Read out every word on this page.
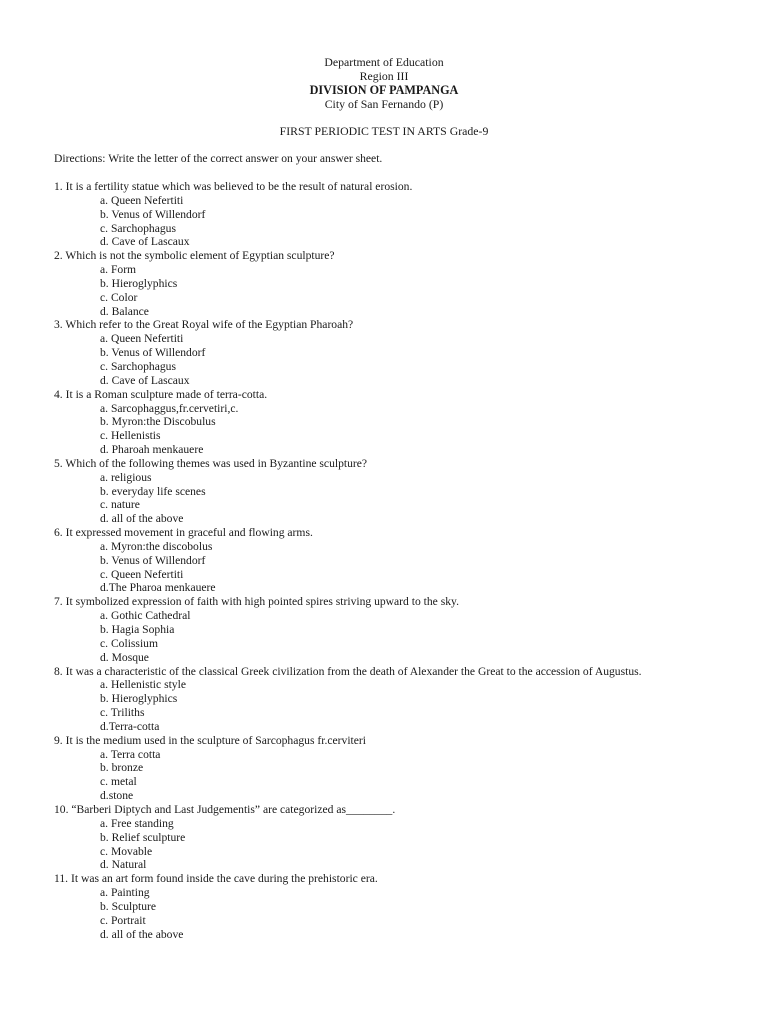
Department of Education
Region III
DIVISION OF PAMPANGA
City of San Fernando (P)
FIRST PERIODIC TEST IN ARTS Grade-9
Directions: Write the letter of the correct answer on your answer sheet.
1. It is a fertility statue which was believed to be the result of natural erosion.
a. Queen Nefertiti
b. Venus of Willendorf
c. Sarchophagus
d. Cave of Lascaux
2. Which is not the symbolic element of Egyptian sculpture?
a. Form
b. Hieroglyphics
c. Color
d. Balance
3. Which refer to the Great Royal wife of the Egyptian Pharoah?
a. Queen Nefertiti
b. Venus of Willendorf
c. Sarchophagus
d. Cave of Lascaux
4. It is a Roman sculpture made of terra-cotta.
a. Sarcophaggus,fr.cervetiri,c.
b. Myron:the Discobulus
c. Hellenistis
d. Pharoah menkauere
5. Which of the following themes was used in Byzantine sculpture?
a. religious
b. everyday life scenes
c. nature
d. all of the above
6. It expressed movement in graceful and flowing arms.
a. Myron:the discobolus
b. Venus of Willendorf
c. Queen Nefertiti
d.The Pharoa menkauere
7. It symbolized expression of faith with high pointed spires striving upward to the sky.
a. Gothic Cathedral
b. Hagia Sophia
c. Colissium
d. Mosque
8. It was a characteristic of the classical Greek civilization from the death of Alexander the Great to the accession of Augustus.
a. Hellenistic style
b. Hieroglyphics
c. Triliths
d.Terra-cotta
9. It is the medium used in the sculpture of Sarcophagus fr.cerviteri
a. Terra cotta
b. bronze
c. metal
d.stone
10. “Barberi Diptych and Last Judgementis” are categorized as________.
a. Free standing
b. Relief sculpture
c. Movable
d. Natural
11. It was an art form found inside the cave during the prehistoric era.
a. Painting
b. Sculpture
c. Portrait
d. all of the above
